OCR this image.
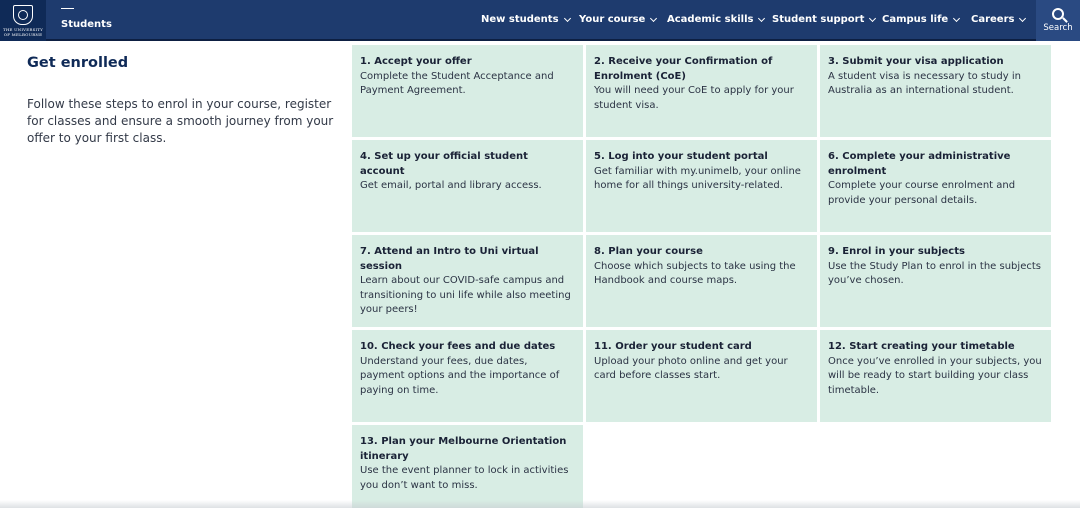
THE UNIVERSITY OF MELBOURNE
Students	New students Your course Academic skills Student support Campus life Careers
Search
Get enrolled

Follow these steps to enrol in your course, register for classes and ensure a smooth journey from your offer to your first class.

1. Accept your offer
Complete the Student Acceptance and Payment Agreement.
2. Receive your Confirmation of Enrolment (CoE)
You will need your CoE to apply for your student visa.
3. Submit your visa application
A student visa is necessary to study in Australia as an international student.
4. Set up your official student account
Get email, portal and library access.
5. Log into your student portal
Get familiar with my.unimelb, your online home for all things university-related.
6. Complete your administrative enrolment
Complete your course enrolment and provide your personal details.
7. Attend an Intro to Uni virtual session
Learn about our COVID-safe campus and transitioning to uni life while also meeting your peers!
8. Plan your course
Choose which subjects to take using the Handbook and course maps.
9. Enrol in your subjects
Use the Study Plan to enrol in the subjects you’ve chosen.
10. Check your fees and due dates
Understand your fees, due dates, payment options and the importance of paying on time.
11. Order your student card
Upload your photo online and get your card before classes start.
12. Start creating your timetable
Once you’ve enrolled in your subjects, you will be ready to start building your class timetable.
13. Plan your Melbourne Orientation itinerary
Use the event planner to lock in activities you don’t want to miss.
